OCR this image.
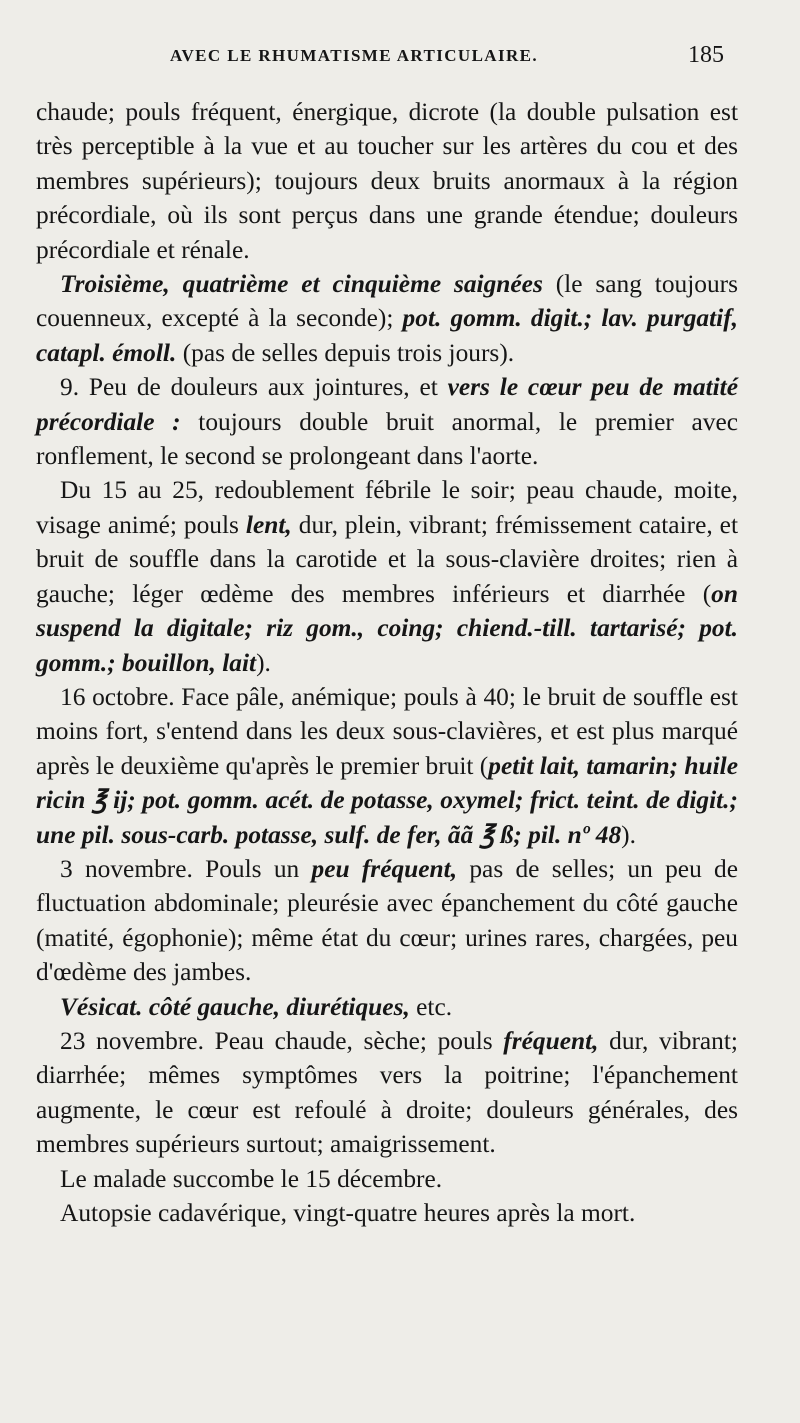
AVEC LE RHUMATISME ARTICULAIRE.	185

chaude; pouls fréquent, énergique, dicrote (la double pulsation est très perceptible à la vue et au toucher sur les artères du cou et des membres supérieurs); toujours deux bruits anormaux à la région précordiale, où ils sont perçus dans une grande étendue; douleurs précordiale et rénale.

Troisième, quatrième et cinquième saignées (le sang toujours couenneux, excepté à la seconde); pot. gomm. digit.; lav. purgatif, catapl. émoll. (pas de selles depuis trois jours).

9. Peu de douleurs aux jointures, et vers le cœur peu de matité précordiale : toujours double bruit anormal, le premier avec ronflement, le second se prolongeant dans l'aorte.

Du 15 au 25, redoublement fébrile le soir; peau chaude, moite, visage animé; pouls lent, dur, plein, vibrant; frémissement cataire, et bruit de souffle dans la carotide et la sous-clavière droites; rien à gauche; léger œdème des membres inférieurs et diarrhée (on suspend la digitale; riz gom., coing; chiend.-till. tartarisé; pot. gomm.; bouillon, lait).

16 octobre. Face pâle, anémique; pouls à 40; le bruit de souffle est moins fort, s'entend dans les deux sous-clavières, et est plus marqué après le deuxième qu'après le premier bruit (petit lait, tamarin; huile ricin ℥ ij; pot. gomm. acét. de potasse, oxymel; frict. teint. de digit.; une pil. sous-carb. potasse, sulf. de fer, ãã ℥ ß; pil. nº 48).

3 novembre. Pouls un peu fréquent, pas de selles; un peu de fluctuation abdominale; pleurésie avec épanchement du côté gauche (matité, égophonie); même état du cœur; urines rares, chargées, peu d'œdème des jambes.

Vésicat. côté gauche, diurétiques, etc.

23 novembre. Peau chaude, sèche; pouls fréquent, dur, vibrant; diarrhée; mêmes symptômes vers la poitrine; l'épanchement augmente, le cœur est refoulé à droite; douleurs générales, des membres supérieurs surtout; amaigrissement.

Le malade succombe le 15 décembre.

Autopsie cadavérique, vingt-quatre heures après la mort.
